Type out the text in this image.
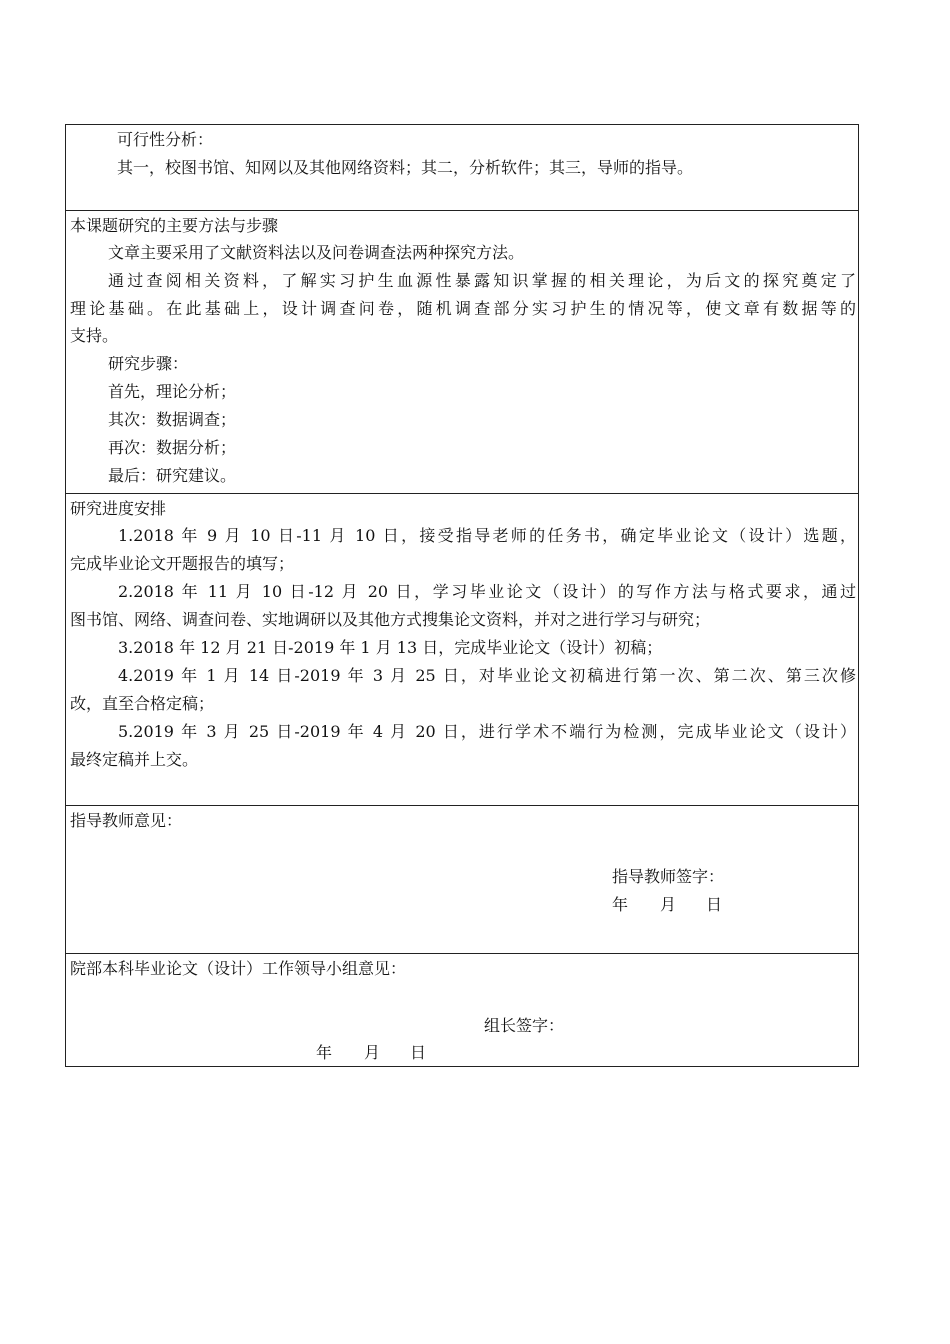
可行性分析：
其一，校图书馆、知网以及其他网络资料；其二，分析软件；其三，导师的指导。
本课题研究的主要方法与步骤
文章主要采用了文献资料法以及问卷调查法两种探究方法。
通过查阅相关资料，了解实习护生血源性暴露知识掌握的相关理论，为后文的探究奠定了
理论基础。在此基础上，设计调查问卷，随机调查部分实习护生的情况等，使文章有数据等的
支持。
研究步骤：
首先，理论分析；
其次：数据调查；
再次：数据分析；
最后：研究建议。
研究进度安排
1.2018 年 9 月 10 日-11 月 10 日，接受指导老师的任务书，确定毕业论文（设计）选题，
完成毕业论文开题报告的填写；
2.2018 年 11 月 10 日-12 月 20 日，学习毕业论文（设计）的写作方法与格式要求，通过
图书馆、网络、调查问卷、实地调研以及其他方式搜集论文资料，并对之进行学习与研究；
3.2018 年 12 月 21 日-2019 年 1 月 13 日，完成毕业论文（设计）初稿；
4.2019 年 1 月 14 日-2019 年 3 月 25 日，对毕业论文初稿进行第一次、第二次、第三次修
改，直至合格定稿；
5.2019 年 3 月 25 日-2019 年 4 月 20 日，进行学术不端行为检测，完成毕业论文（设计）
最终定稿并上交。
指导教师意见：
指导教师签字：
年 月 日
院部本科毕业论文（设计）工作领导小组意见：
组长签字：
年 月 日
